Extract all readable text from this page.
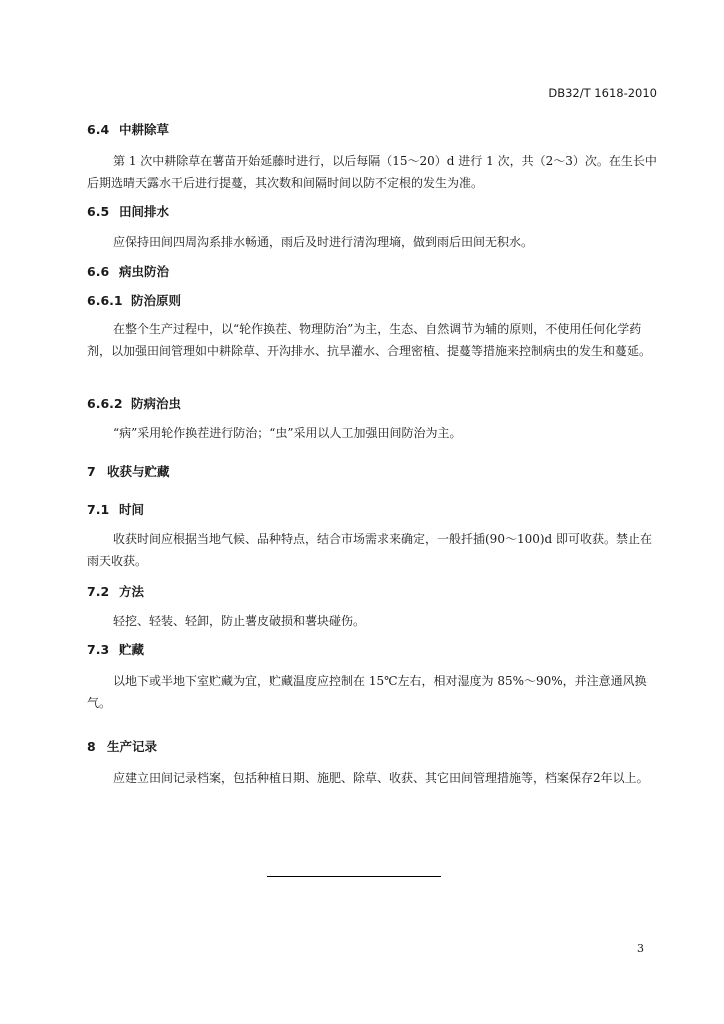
DB32/T 1618-2010
6.4 中耕除草
第 1 次中耕除草在薯苗开始延藤时进行，以后每隔（15～20）d 进行 1 次，共（2～3）次。在生长中后期选晴天露水干后进行提蔓，其次数和间隔时间以防不定根的发生为准。
6.5 田间排水
应保持田间四周沟系排水畅通，雨后及时进行清沟理墒，做到雨后田间无积水。
6.6 病虫防治
6.6.1 防治原则
在整个生产过程中，以“轮作换茬、物理防治”为主，生态、自然调节为辅的原则，不使用任何化学药剂，以加强田间管理如中耕除草、开沟排水、抗旱灌水、合理密植、提蔓等措施来控制病虫的发生和蔓延。
6.6.2 防病治虫
“病”采用轮作换茬进行防治；“虫”采用以人工加强田间防治为主。
7 收获与贮藏
7.1 时间
收获时间应根据当地气候、品种特点，结合市场需求来确定，一般扦插(90～100)d 即可收获。禁止在雨天收获。
7.2 方法
轻挖、轻装、轻卸，防止薯皮破损和薯块碰伤。
7.3 贮藏
以地下或半地下室贮藏为宜，贮藏温度应控制在 15℃左右，相对湿度为 85%～90%，并注意通风换气。
8 生产记录
应建立田间记录档案，包括种植日期、施肥、除草、收获、其它田间管理措施等，档案保存2年以上。
3
